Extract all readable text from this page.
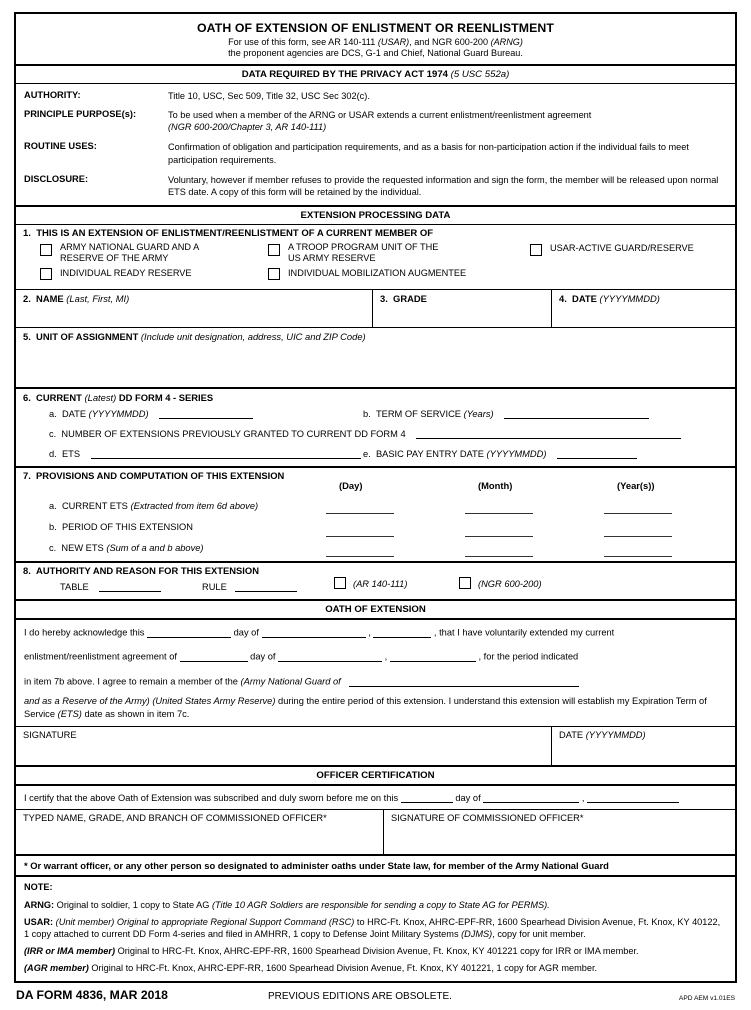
OATH OF EXTENSION OF ENLISTMENT OR REENLISTMENT
For use of this form, see AR 140-111 (USAR), and NGR 600-200 (ARNG)
the proponent agencies are DCS, G-1 and Chief, National Guard Bureau.
DATA REQUIRED BY THE PRIVACY ACT 1974 (5 USC 552a)
AUTHORITY:	Title 10, USC, Sec 509, Title 32, USC Sec 302(c).
PRINCIPLE PURPOSE(s):	To be used when a member of the ARNG or USAR extends a current enlistment/reenlistment agreement
(NGR 600-200/Chapter 3, AR 140-111)
ROUTINE USES:	Confirmation of obligation and participation requirements, and as a basis for non-participation action if the individual fails to meet participation requirements.
DISCLOSURE:	Voluntary, however if member refuses to provide the requested information and sign the form, the member will be released upon normal ETS date. A copy of this form will be retained by the individual.
EXTENSION PROCESSING DATA
1. THIS IS AN EXTENSION OF ENLISTMENT/REENLISTMENT OF A CURRENT MEMBER OF
ARMY NATIONAL GUARD AND A
RESERVE OF THE ARMY
INDIVIDUAL READY RESERVE
A TROOP PROGRAM UNIT OF THE
US ARMY RESERVE
INDIVIDUAL MOBILIZATION AUGMENTEE
USAR-ACTIVE GUARD/RESERVE
2. NAME (Last, First, MI)	3. GRADE	4. DATE (YYYYMMDD)
5. UNIT OF ASSIGNMENT (Include unit designation, address, UIC and ZIP Code)
6. CURRENT (Latest) DD FORM 4 - SERIES
a. DATE (YYYYMMDD)	b. TERM OF SERVICE (Years)
c. NUMBER OF EXTENSIONS PREVIOUSLY GRANTED TO CURRENT DD FORM 4
d. ETS	e. BASIC PAY ENTRY DATE (YYYYMMDD)
7. PROVISIONS AND COMPUTATION OF THIS EXTENSION
(Day)	(Month)	(Year(s))
a. CURRENT ETS (Extracted from item 6d above)
b. PERIOD OF THIS EXTENSION
c. NEW ETS (Sum of a and b above)
8. AUTHORITY AND REASON FOR THIS EXTENSION
TABLE	RULE	(AR 140-111)	(NGR 600-200)
OATH OF EXTENSION
I do hereby acknowledge this	day of	,	, that I have voluntarily extended my current
enlistment/reenlistment agreement of	day of	,	, for the period indicated
in item 7b above. I agree to remain a member of the (Army National Guard of
and as a Reserve of the Army) (United States Army Reserve) during the entire period of this extension. I understand this extension will establish my Expiration Term of Service (ETS) date as shown in item 7c.
SIGNATURE	DATE (YYYYMMDD)
OFFICER CERTIFICATION
I certify that the above Oath of Extension was subscribed and duly sworn before me on this	day of	,
TYPED NAME, GRADE, AND BRANCH OF COMMISSIONED OFFICER*	SIGNATURE OF COMMISSIONED OFFICER*
* Or warrant officer, or any other person so designated to administer oaths under State law, for member of the Army National Guard

NOTE:

ARNG: Original to soldier, 1 copy to State AG (Title 10 AGR Soldiers are responsible for sending a copy to State AG for PERMS).

USAR: (Unit member) Original to appropriate Regional Support Command (RSC) to HRC-Ft. Knox, AHRC-EPF-RR, 1600 Spearhead Division Avenue, Ft. Knox, KY 40122, 1 copy attached to current DD Form 4-series and filed in AMHRR, 1 copy to Defense Joint Military Systems (DJMS), copy for unit member.

(IRR or IMA member) Original to HRC-Ft. Knox, AHRC-EPF-RR, 1600 Spearhead Division Avenue, Ft. Knox, KY 401221 copy for IRR or IMA member.

(AGR member) Original to HRC-Ft. Knox, AHRC-EPF-RR, 1600 Spearhead Division Avenue, Ft. Knox, KY 401221, 1 copy for AGR member.

DA FORM 4836, MAR 2018	PREVIOUS EDITIONS ARE OBSOLETE.	APD AEM v1.01ES
